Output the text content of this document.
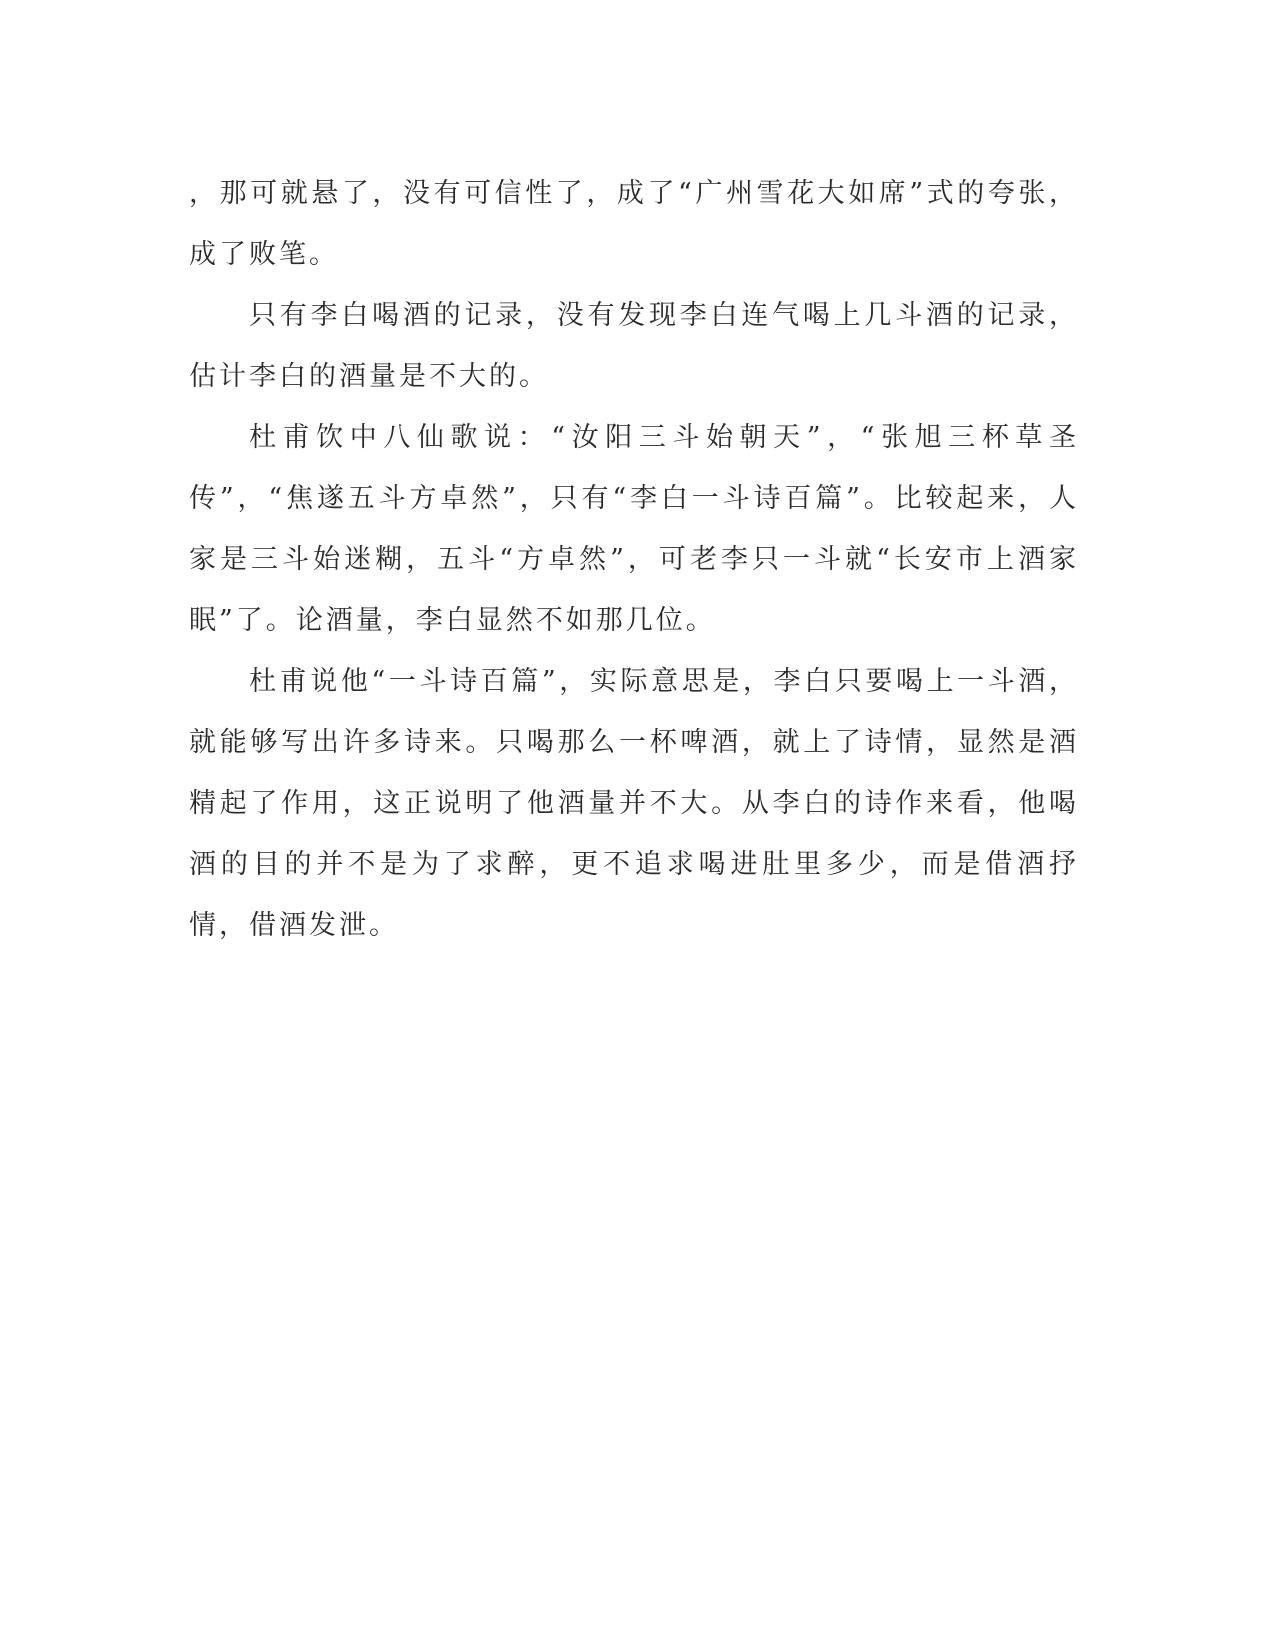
，那可就悬了，没有可信性了，成了“广州雪花大如席”式的夸张，成了败笔。

只有李白喝酒的记录，没有发现李白连气喝上几斗酒的记录，估计李白的酒量是不大的。

杜甫饮中八仙歌说：“汝阳三斗始朝天”，“张旭三杯草圣传”，“焦遂五斗方卓然”，只有“李白一斗诗百篇”。比较起来，人家是三斗始迷糊，五斗“方卓然”，可老李只一斗就“长安市上酒家眠”了。论酒量，李白显然不如那几位。

杜甫说他“一斗诗百篇”，实际意思是，李白只要喝上一斗酒，就能够写出许多诗来。只喝那么一杯啤酒，就上了诗情，显然是酒精起了作用，这正说明了他酒量并不大。从李白的诗作来看，他喝酒的目的并不是为了求醉，更不追求喝进肚里多少，而是借酒抒情，借酒发泄。
